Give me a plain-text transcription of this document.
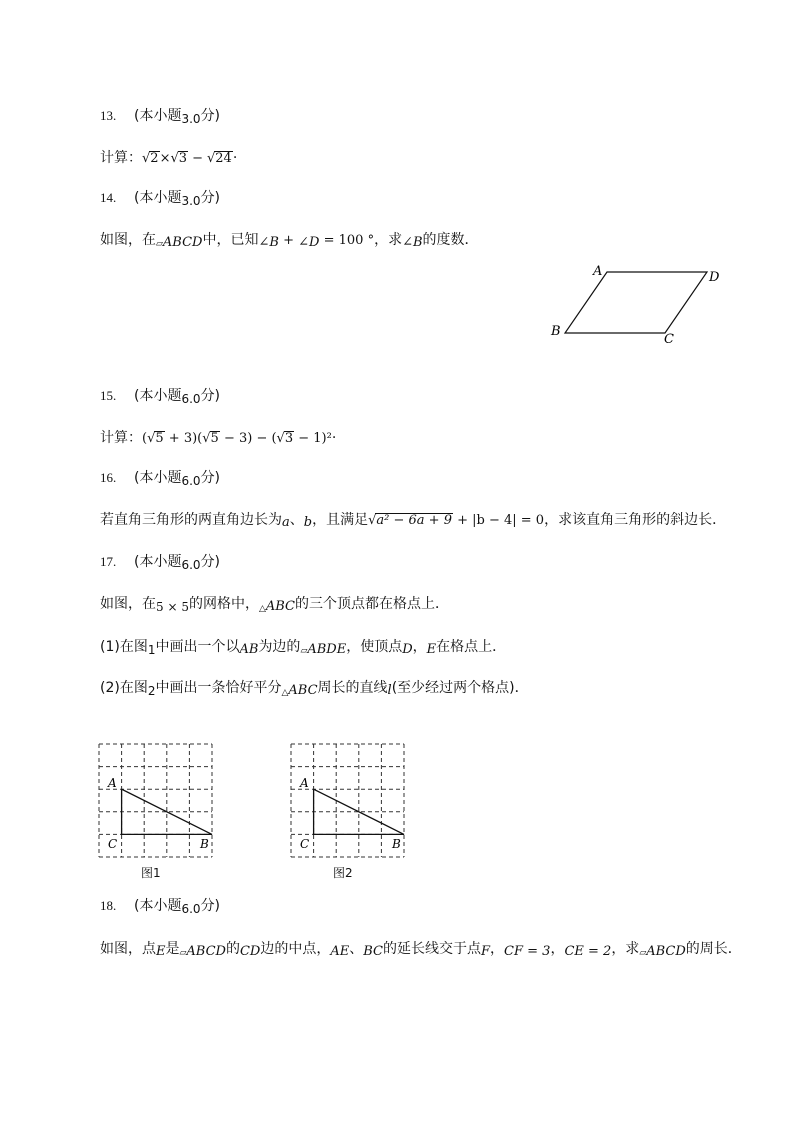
13. (本小题3.0分)
计算：√2×√3 − √24·
14. (本小题3.0分)
如图，在▱ABCD中，已知∠B + ∠D = 100 °，求∠B的度数．
A	D
B
C
15. (本小题6.0分)
计算：(√5 + 3)(√5 − 3) − (√3 − 1)²·
16. (本小题6.0分)
若直角三角形的两直角边长为a、b，且满足√a² − 6a + 9 + |b − 4| = 0，求该直角三角形的斜边长．
17. (本小题6.0分)
如图，在5 × 5的网格中，$_\triangle$ABC的三个顶点都在格点上．
(1)在图1中画出一个以AB为边的▱ABDE，使顶点D，E在格点上．
(2)在图2中画出一条恰好平分$_\triangle$ABC周长的直线l(至少经过两个格点)．
A
B
C
图1
A
B
C
图2
18. (本小题6.0分)
如图，点E是▱ABCD的CD边的中点，AE、BC的延长线交于点F，CF = 3，CE = 2，求▱ABCD的周长．
